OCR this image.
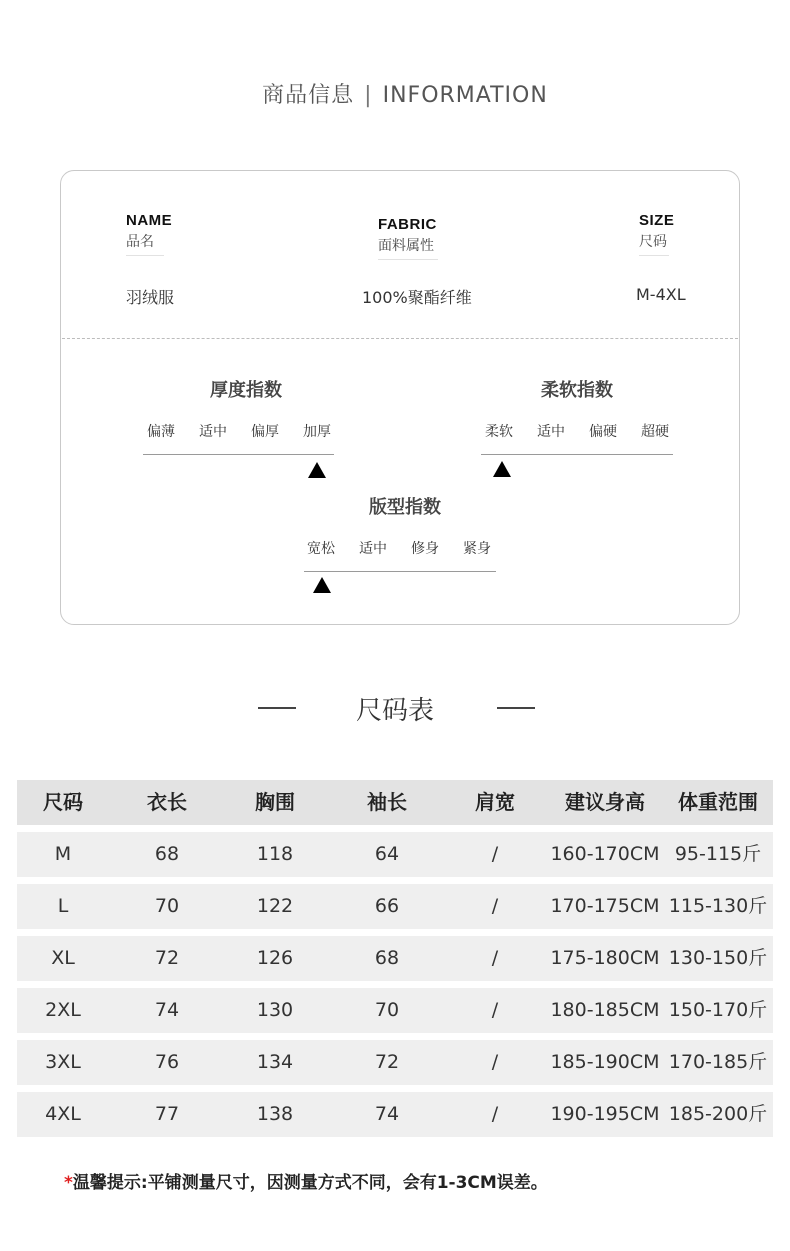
商品信息 | INFORMATION
NAME
品名
羽绒服
FABRIC
面料属性
100%聚酯纤维
SIZE
尺码
M-4XL
厚度指数
偏薄 适中 偏厚 加厚
柔软指数
柔软 适中 偏硬 超硬
版型指数
宽松 适中 修身 紧身
尺码表
尺码	衣长	胸围	袖长	肩宽	建议身高	体重范围
M	68	118	64	/	160-170CM 95-115斤
L	70	122	66	/	170-175CM 115-130斤
XL	72	126	68	/	175-180CM 130-150斤
2XL	74	130	70	/	180-185CM 150-170斤
3XL	76	134	72	/	185-190CM 170-185斤
4XL	77	138	74	/	190-195CM 185-200斤
*温馨提示:平铺测量尺寸，因测量方式不同，会有1-3CM误差。
